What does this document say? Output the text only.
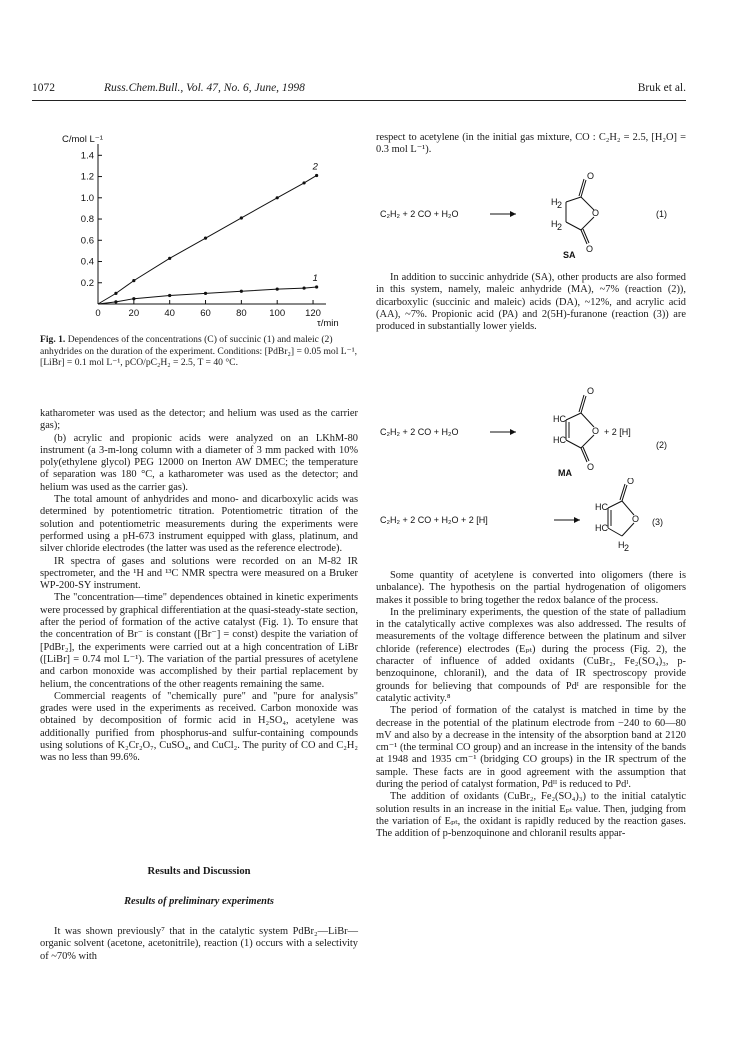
1072	Russ.Chem.Bull., Vol. 47, No. 6, June, 1998	Bruk et al.
0	20	40	60	80 100 120
0.2
0.4
0.6
0.8
1.0
1.2
1.4
2
1
C/mol L⁻¹
τ/min
Fig. 1. Dependences of the concentrations (C) of succinic (1) and maleic (2) anhydrides on the duration of the experiment. Conditions: [PdBr₂] = 0.05 mol L⁻¹, [LiBr] = 0.1 mol L⁻¹, pCO/pC₂H₂ = 2.5, T = 40 °C.

katharometer was used as the detector; and helium was used as the carrier gas);

(b) acrylic and propionic acids were analyzed on an LKhM-80 instrument (a 3-m-long column with a diameter of 3 mm packed with 10% poly(ethylene glycol) PEG 12000 on Inerton AW DMEC; the temperature of separation was 180 °C, a katharometer was used as the detector; and helium was used as the carrier gas).

The total amount of anhydrides and mono- and dicarboxylic acids was determined by potentiometric titration. Potentiometric titration of the solution and potentiometric measurements during the experiments were performed using a pH-673 instrument equipped with glass, platinum, and silver chloride electrodes (the latter was used as the reference electrode).

IR spectra of gases and solutions were recorded on an M-82 IR spectrometer, and the ¹H and ¹³C NMR spectra were measured on a Bruker WP-200-SY instrument.

The "concentration—time" dependences obtained in kinetic experiments were processed by graphical differentiation at the quasi-steady-state section, after the period of formation of the active catalyst (Fig. 1). To ensure that the concentration of Br⁻ is constant ([Br⁻] = const) despite the variation of [PdBr₂], the experiments were carried out at a high concentration of LiBr ([LiBr] = 0.74 mol L⁻¹). The variation of the partial pressures of acetylene and carbon monoxide was accomplished by their partial replacement by helium, the concentrations of the other reagents remaining the same.

Commercial reagents of "chemically pure" and "pure for analysis" grades were used in the experiments as received. Carbon monoxide was obtained by decomposition of formic acid in H₂SO₄, acetylene was additionally purified from phosphorus-and sulfur-containing compounds using solutions of K₂Cr₂O₇, CuSO₄, and CuCl₂. The purity of CO and C₂H₂ was no less than 99.6%.

Results and Discussion
Results of preliminary experiments

It was shown previously⁷ that in the catalytic system PdBr₂—LiBr—organic solvent (acetone, acetonitrile), reaction (1) occurs with a selectivity of ~70% with

respect to acetylene (in the initial gas mixture, CO : C₂H₂ = 2.5, [H₂O] = 0.3 mol L⁻¹).

C₂H₂ + 2 CO + H₂O
O
O
O
H 2
H 2
SA
(1)

In addition to succinic anhydride (SA), other products are also formed in this system, namely, maleic anhydride (MA), ~7% (reaction (2)), dicarboxylic (succinic and maleic) acids (DA), ~12%, and acrylic acid (AA), ~7%. Propionic acid (PA) and 2(5H)-furanone (reaction (3)) are produced in substantially lower yields.

C₂H₂ + 2 CO + H₂O
O
O
O
HC
HC
+ 2 [H]
MA
(2)
C₂H₂ + 2 CO + H₂O + 2 [H]
O
O
HC
HC
H 2
(3)

Some quantity of acetylene is converted into oligomers (there is unbalance). The hypothesis on the partial hydrogenation of oligomers makes it possible to bring together the redox balance of the process.

In the preliminary experiments, the question of the state of palladium in the catalytically active complexes was also addressed. The results of measurements of the voltage difference between the platinum and silver chloride (reference) electrodes (Eₚₜ) during the process (Fig. 2), the character of influence of added oxidants (CuBr₂, Fe₂(SO₄)₃, p-benzoquinone, chloranil), and the data of IR spectroscopy provide grounds for believing that compounds of Pdᴵ are responsible for the catalytic activity.⁸

The period of formation of the catalyst is matched in time by the decrease in the potential of the platinum electrode from −240 to 60—80 mV and also by a decrease in the intensity of the absorption band at 2120 cm⁻¹ (the terminal CO group) and an increase in the intensity of the bands at 1948 and 1935 cm⁻¹ (bridging CO groups) in the IR spectrum of the sample. These facts are in good agreement with the assumption that during the period of catalyst formation, Pdᴵᴵ is reduced to Pdᴵ.

The addition of oxidants (CuBr₂, Fe₂(SO₄)₃) to the initial catalytic solution results in an increase in the initial Eₚₜ value. Then, judging from the variation of Eₚₜ, the oxidant is rapidly reduced by the reaction gases. The addition of p-benzoquinone and chloranil results appar-
